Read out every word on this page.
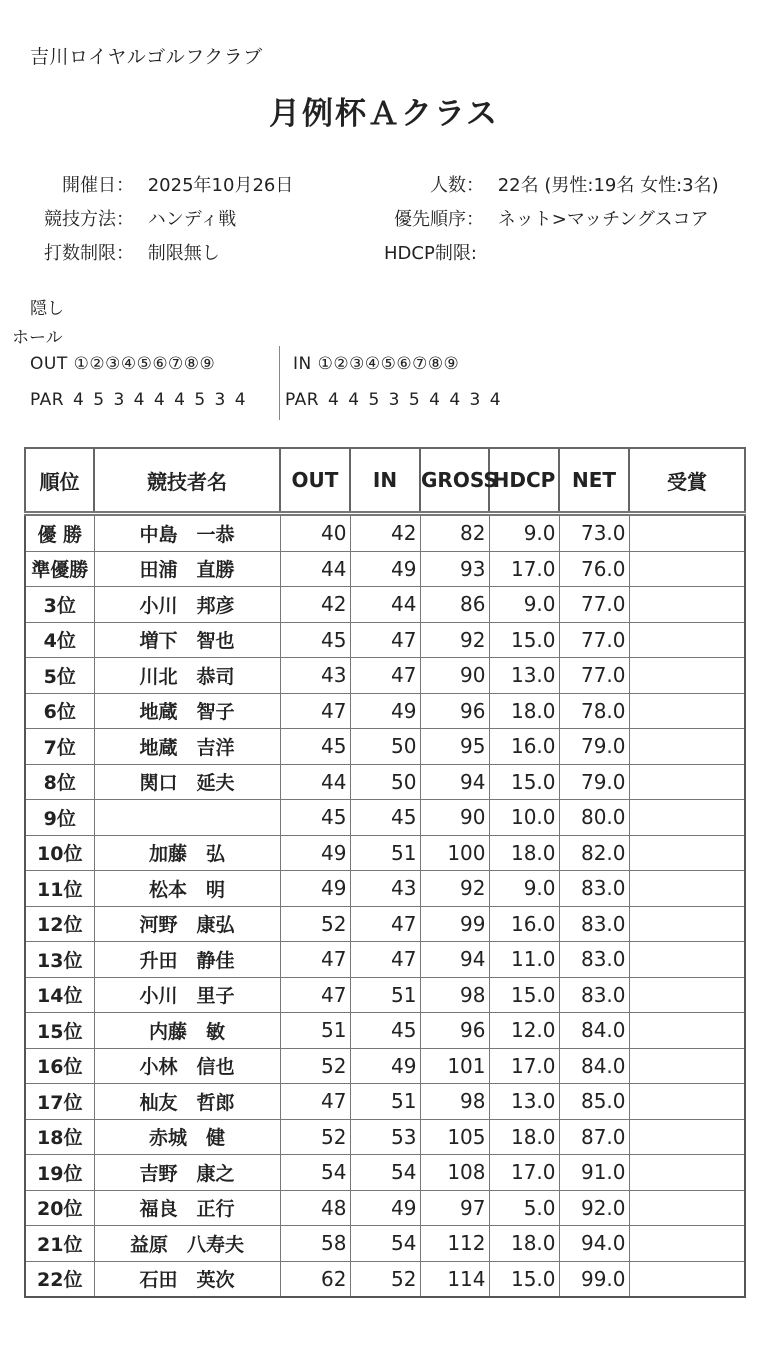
吉川ロイヤルゴルフクラブ
月例杯Ａクラス
開催日： 2025年10月26日
競技方法： ハンディ戦
打数制限： 制限無し
人数： 22名 (男性:19名 女性:3名)
優先順序： ネット>マッチングスコア
HDCP制限:
隠し
ホール
OUT ①②③④⑤⑥⑦⑧⑨	IN ①②③④⑤⑥⑦⑧⑨
PAR 4 5 3 4 4 4 5 3 4 PAR 4 4 5 3 5 4 4 3 4
順位	競技者名	OUT	IN	GROSS	HDCP	NET	受賞
優 勝	中島　一恭	40	42	82	9.0	73.0	
準優勝	田浦　直勝	44	49	93	17.0	76.0	
3位	小川　邦彦	42	44	86	9.0	77.0	
4位	増下　智也	45	47	92	15.0	77.0	
5位	川北　恭司	43	47	90	13.0	77.0	
6位	地蔵　智子	47	49	96	18.0	78.0	
7位	地蔵　吉洋	45	50	95	16.0	79.0	
8位	関口　延夫	44	50	94	15.0	79.0	
9位		45	45	90	10.0	80.0	
10位	加藤　弘	49	51	100	18.0	82.0	
11位	松本　明	49	43	92	9.0	83.0	
12位	河野　康弘	52	47	99	16.0	83.0	
13位	升田　静佳	47	47	94	11.0	83.0	
14位	小川　里子	47	51	98	15.0	83.0	
15位	内藤　敏	51	45	96	12.0	84.0	
16位	小林　信也	52	49	101	17.0	84.0	
17位	杣友　哲郎	47	51	98	13.0	85.0	
18位	赤城　健	52	53	105	18.0	87.0	
19位	吉野　康之	54	54	108	17.0	91.0	
20位	福良　正行	48	49	97	5.0	92.0	
21位	益原　八寿夫	58	54	112	18.0	94.0	
22位	石田　英次	62	52	114	15.0	99.0	
